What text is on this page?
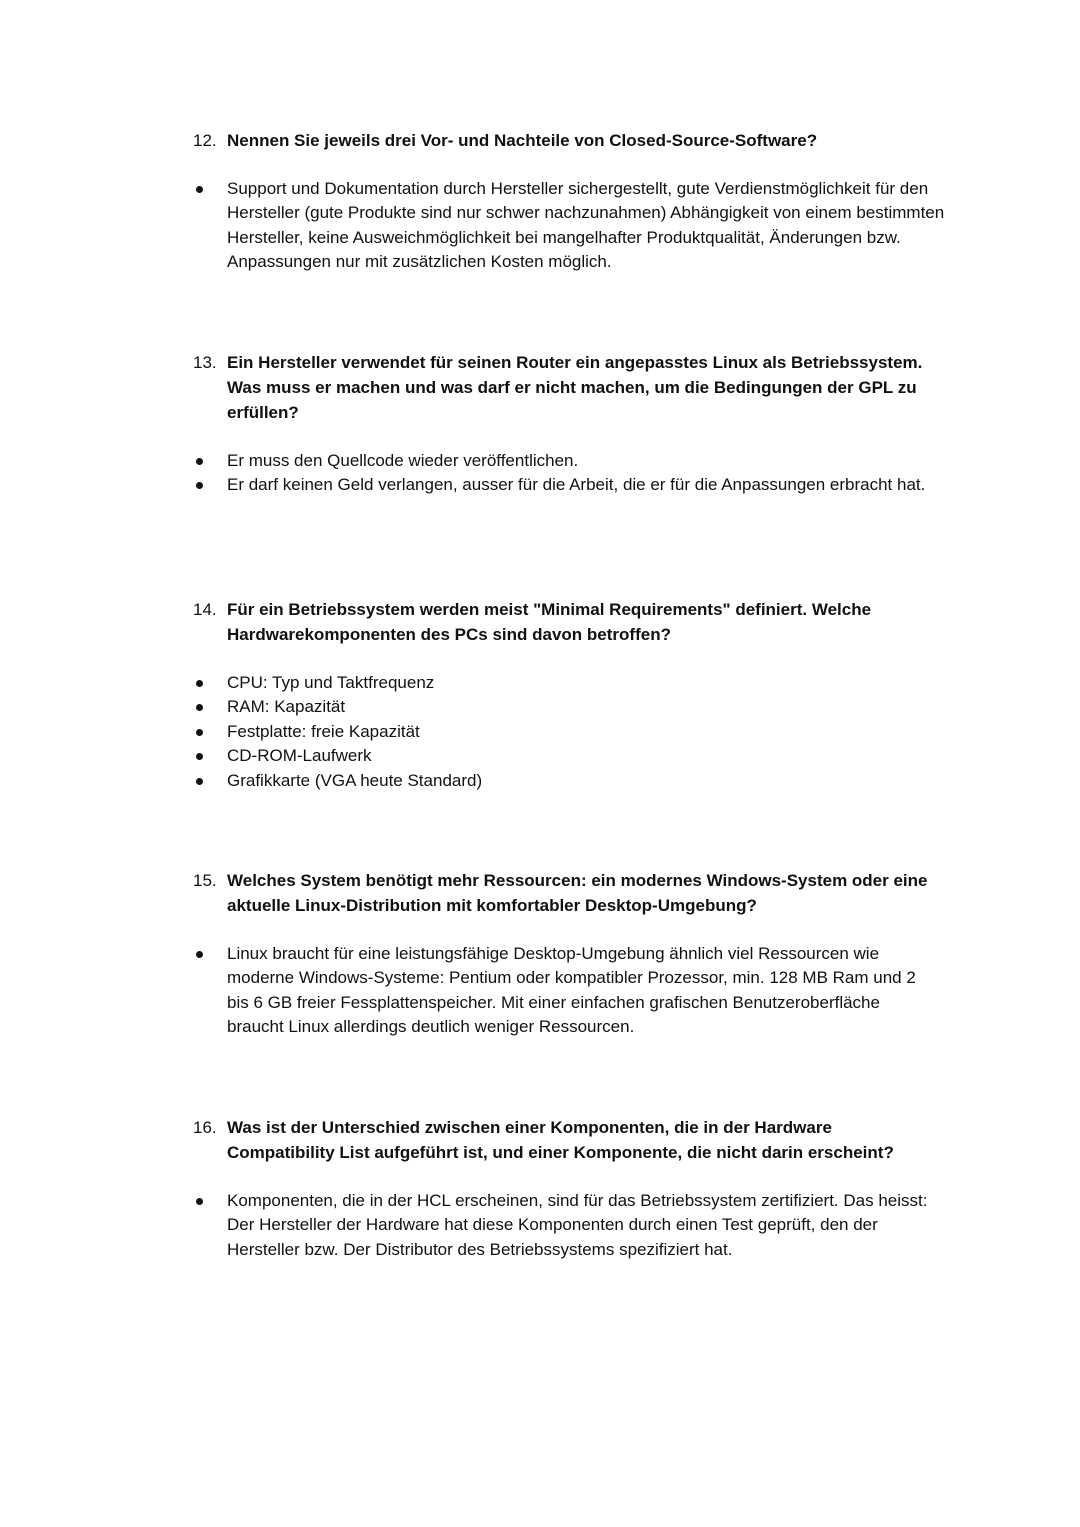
12. Nennen Sie jeweils drei Vor- und Nachteile von Closed-Source-Software?
Support und Dokumentation durch Hersteller sichergestellt, gute Verdienstmöglichkeit für den Hersteller (gute Produkte sind nur schwer nachzunahmen) Abhängigkeit von einem bestimmten Hersteller, keine Ausweichmöglichkeit bei mangelhafter Produktqualität, Änderungen bzw. Anpassungen nur mit zusätzlichen Kosten möglich.
13. Ein Hersteller verwendet für seinen Router ein angepasstes Linux als Betriebssystem. Was muss er machen und was darf er nicht machen, um die Bedingungen der GPL zu erfüllen?
Er muss den Quellcode wieder veröffentlichen.
Er darf keinen Geld verlangen, ausser für die Arbeit, die er für die Anpassungen erbracht hat.
14. Für ein Betriebssystem werden meist "Minimal Requirements" definiert. Welche Hardwarekomponenten des PCs sind davon betroffen?
CPU: Typ und Taktfrequenz
RAM: Kapazität
Festplatte: freie Kapazität
CD-ROM-Laufwerk
Grafikkarte (VGA heute Standard)
15. Welches System benötigt mehr Ressourcen: ein modernes Windows-System oder eine aktuelle Linux-Distribution mit komfortabler Desktop-Umgebung?
Linux braucht für eine leistungsfähige Desktop-Umgebung ähnlich viel Ressourcen wie moderne Windows-Systeme: Pentium oder kompatibler Prozessor, min. 128 MB Ram und 2 bis 6 GB freier Fessplattenspeicher. Mit einer einfachen grafischen Benutzeroberfläche braucht Linux allerdings deutlich weniger Ressourcen.
16. Was ist der Unterschied zwischen einer Komponenten, die in der Hardware Compatibility List aufgeführt ist, und einer Komponente, die nicht darin erscheint?
Komponenten, die in der HCL erscheinen, sind für das Betriebssystem zertifiziert. Das heisst: Der Hersteller der Hardware hat diese Komponenten durch einen Test geprüft, den der Hersteller bzw. Der Distributor des Betriebssystems spezifiziert hat.
